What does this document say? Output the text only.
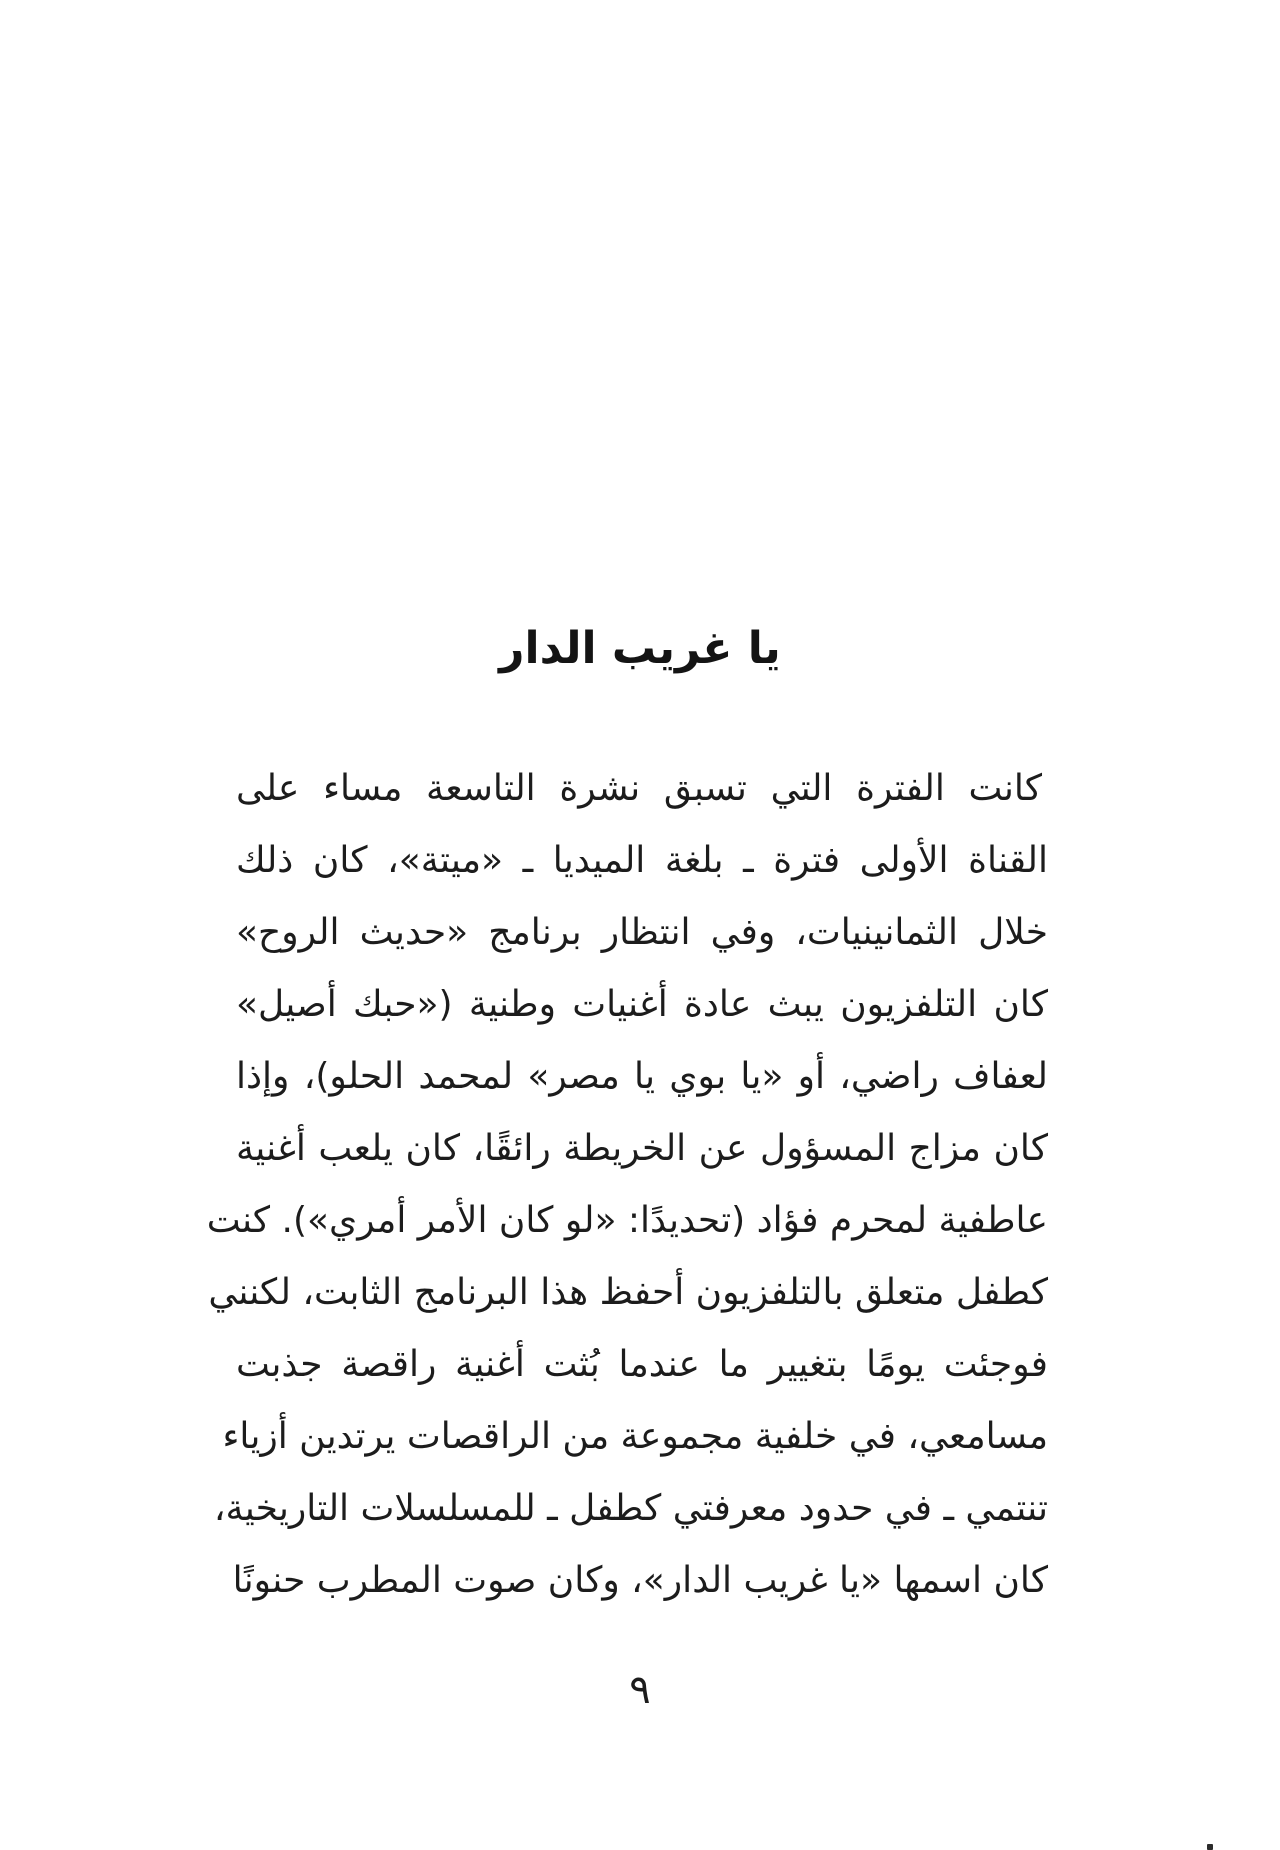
يا غريب الدار
كانت الفترة التي تسبق نشرة التاسعة مساء على
القناة الأولى فترة ـ بلغة الميديا ـ «ميتة»، كان ذلك
خلال الثمانينيات، وفي انتظار برنامج «حديث الروح»
كان التلفزيون يبث عادة أغنيات وطنية («حبك أصيل»
لعفاف راضي، أو «يا بوي يا مصر» لمحمد الحلو)، وإذا
كان مزاج المسؤول عن الخريطة رائقًا، كان يلعب أغنية
عاطفية لمحرم فؤاد (تحديدًا: «لو كان الأمر أمري»). كنت
كطفل متعلق بالتلفزيون أحفظ هذا البرنامج الثابت، لكنني
فوجئت يومًا بتغيير ما عندما بُثت أغنية راقصة جذبت
مسامعي، في خلفية مجموعة من الراقصات يرتدين أزياء
تنتمي ـ في حدود معرفتي كطفل ـ للمسلسلات التاريخية،
كان اسمها «يا غريب الدار»، وكان صوت المطرب حنونًا
٩
